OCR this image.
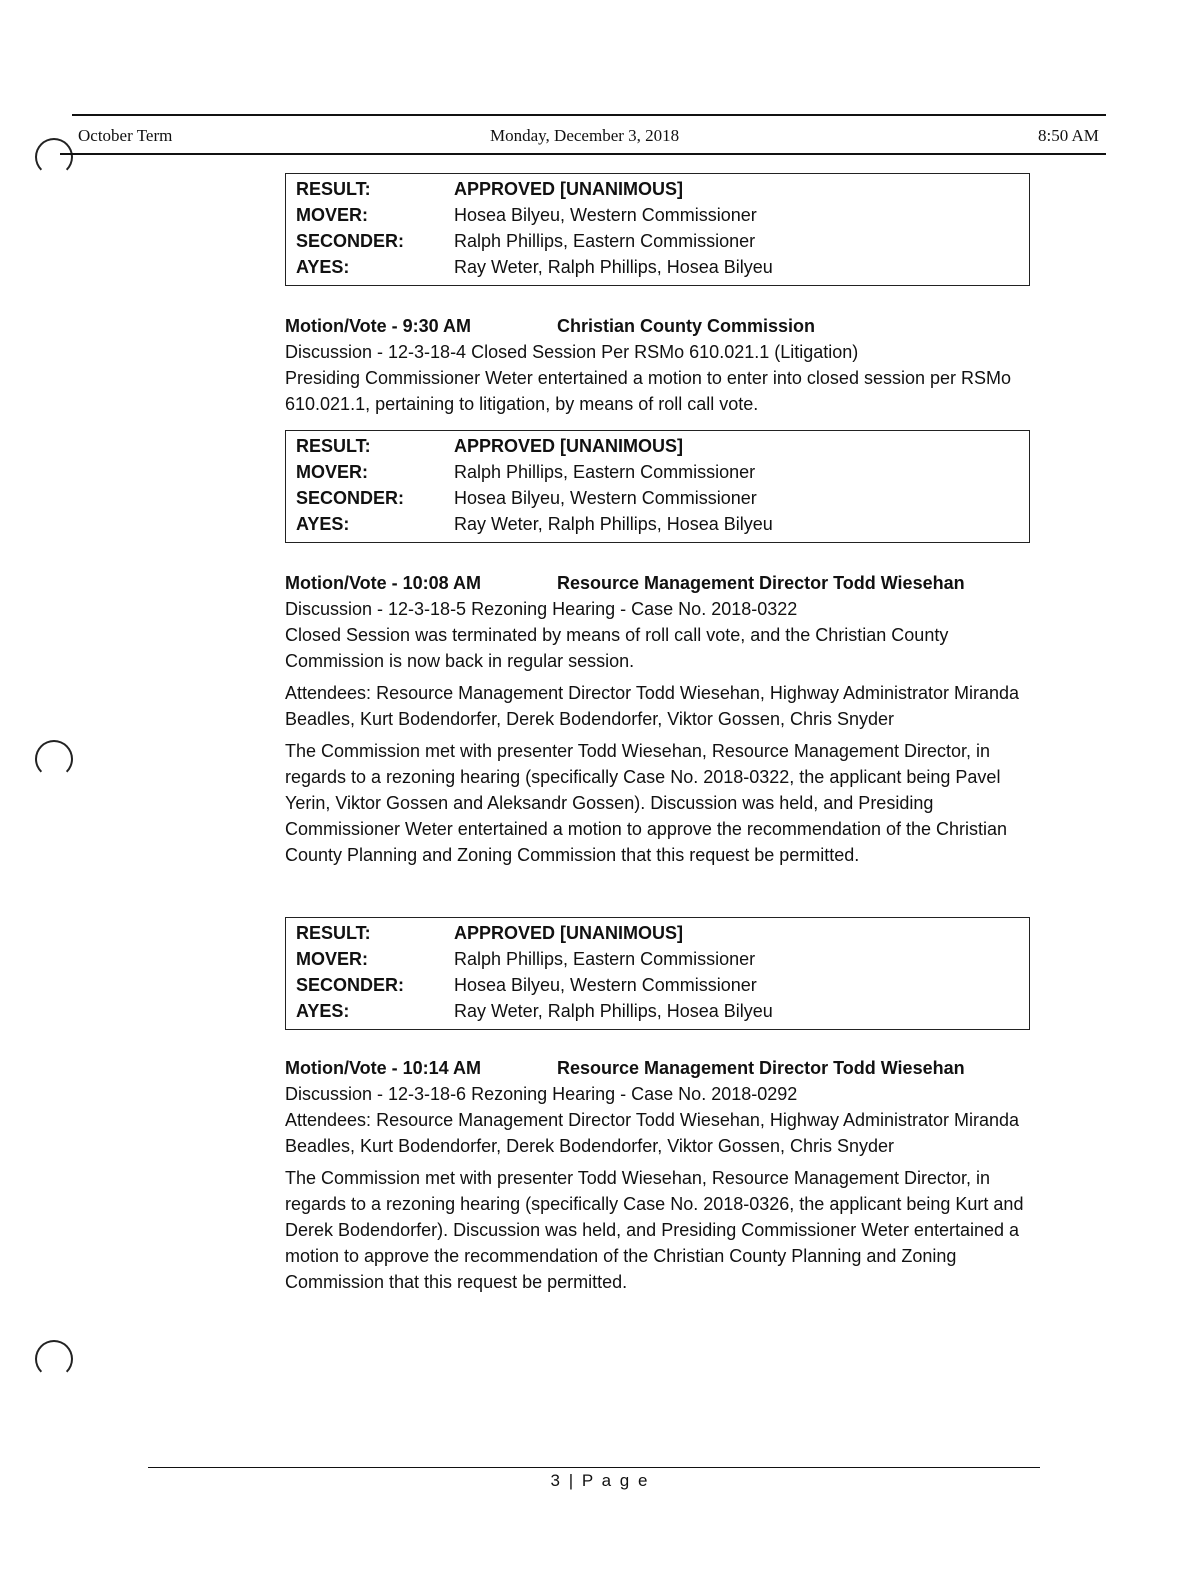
October Term	Monday, December 3, 2018	8:50 AM
RESULT:	APPROVED [UNANIMOUS]
MOVER:	Hosea Bilyeu, Western Commissioner
SECONDER:	Ralph Phillips, Eastern Commissioner
AYES:	Ray Weter, Ralph Phillips, Hosea Bilyeu
Motion/Vote - 9:30 AM	Christian County Commission
Discussion - 12-3-18-4 Closed Session Per RSMo 610.021.1 (Litigation)
Presiding Commissioner Weter entertained a motion to enter into closed session per RSMo 610.021.1, pertaining to litigation, by means of roll call vote.
RESULT:	APPROVED [UNANIMOUS]
MOVER:	Ralph Phillips, Eastern Commissioner
SECONDER:	Hosea Bilyeu, Western Commissioner
AYES:	Ray Weter, Ralph Phillips, Hosea Bilyeu
Motion/Vote - 10:08 AM	Resource Management Director Todd Wiesehan
Discussion - 12-3-18-5 Rezoning Hearing - Case No. 2018-0322
Closed Session was terminated by means of roll call vote, and the Christian County Commission is now back in regular session.
Attendees: Resource Management Director Todd Wiesehan, Highway Administrator Miranda Beadles, Kurt Bodendorfer, Derek Bodendorfer, Viktor Gossen, Chris Snyder
The Commission met with presenter Todd Wiesehan, Resource Management Director, in regards to a rezoning hearing (specifically Case No. 2018-0322, the applicant being Pavel Yerin, Viktor Gossen and Aleksandr Gossen). Discussion was held, and Presiding Commissioner Weter entertained a motion to approve the recommendation of the Christian County Planning and Zoning Commission that this request be permitted.
RESULT:	APPROVED [UNANIMOUS]
MOVER:	Ralph Phillips, Eastern Commissioner
SECONDER:	Hosea Bilyeu, Western Commissioner
AYES:	Ray Weter, Ralph Phillips, Hosea Bilyeu
Motion/Vote - 10:14 AM	Resource Management Director Todd Wiesehan
Discussion - 12-3-18-6 Rezoning Hearing - Case No. 2018-0292
Attendees: Resource Management Director Todd Wiesehan, Highway Administrator Miranda Beadles, Kurt Bodendorfer, Derek Bodendorfer, Viktor Gossen, Chris Snyder
The Commission met with presenter Todd Wiesehan, Resource Management Director, in regards to a rezoning hearing (specifically Case No. 2018-0326, the applicant being Kurt and Derek Bodendorfer). Discussion was held, and Presiding Commissioner Weter entertained a motion to approve the recommendation of the Christian County Planning and Zoning Commission that this request be permitted.
3 | P a g e
